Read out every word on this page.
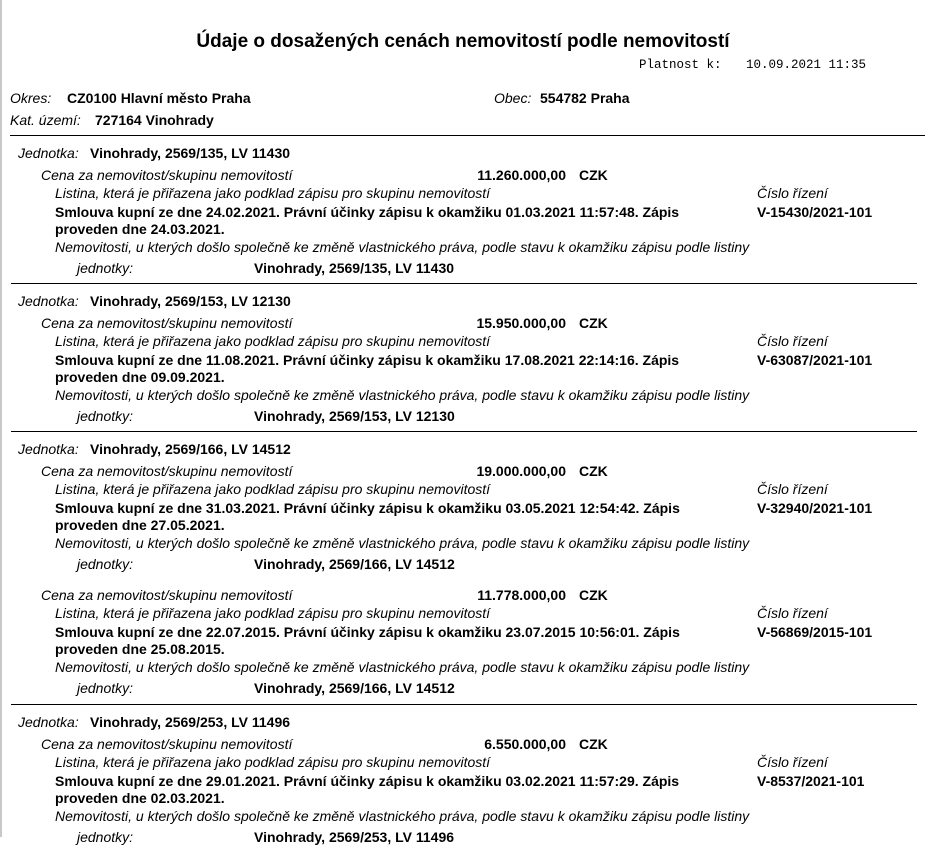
Údaje o dosažených cenách nemovitostí podle nemovitostí
Platnost k: 10.09.2021 11:35
Okres: CZ0100 Hlavní město Praha	Obec: 554782 Praha
Kat. území: 727164 Vinohrady
Jednotka: Vinohrady, 2569/135, LV 11430
Cena za nemovitost/skupinu nemovitostí	11.260.000,00 CZK
Listina, která je přiřazena jako podklad zápisu pro skupinu nemovitostí	Číslo řízení
Smlouva kupní ze dne 24.02.2021. Právní účinky zápisu k okamžiku 01.03.2021 11:57:48. Zápis	V-15430/2021-101
proveden dne 24.03.2021.
Nemovitosti, u kterých došlo společně ke změně vlastnického práva, podle stavu k okamžiku zápisu podle listiny
jednotky:	Vinohrady, 2569/135, LV 11430
Jednotka: Vinohrady, 2569/153, LV 12130
Cena za nemovitost/skupinu nemovitostí	15.950.000,00 CZK
Listina, která je přiřazena jako podklad zápisu pro skupinu nemovitostí	Číslo řízení
Smlouva kupní ze dne 11.08.2021. Právní účinky zápisu k okamžiku 17.08.2021 22:14:16. Zápis	V-63087/2021-101
proveden dne 09.09.2021.
Nemovitosti, u kterých došlo společně ke změně vlastnického práva, podle stavu k okamžiku zápisu podle listiny
jednotky:	Vinohrady, 2569/153, LV 12130
Jednotka: Vinohrady, 2569/166, LV 14512
Cena za nemovitost/skupinu nemovitostí	19.000.000,00 CZK
Listina, která je přiřazena jako podklad zápisu pro skupinu nemovitostí	Číslo řízení
Smlouva kupní ze dne 31.03.2021. Právní účinky zápisu k okamžiku 03.05.2021 12:54:42. Zápis	V-32940/2021-101
proveden dne 27.05.2021.
Nemovitosti, u kterých došlo společně ke změně vlastnického práva, podle stavu k okamžiku zápisu podle listiny
jednotky:	Vinohrady, 2569/166, LV 14512
Cena za nemovitost/skupinu nemovitostí	11.778.000,00 CZK
Listina, která je přiřazena jako podklad zápisu pro skupinu nemovitostí	Číslo řízení
Smlouva kupní ze dne 22.07.2015. Právní účinky zápisu k okamžiku 23.07.2015 10:56:01. Zápis	V-56869/2015-101
proveden dne 25.08.2015.
Nemovitosti, u kterých došlo společně ke změně vlastnického práva, podle stavu k okamžiku zápisu podle listiny
jednotky:	Vinohrady, 2569/166, LV 14512
Jednotka: Vinohrady, 2569/253, LV 11496
Cena za nemovitost/skupinu nemovitostí	6.550.000,00 CZK
Listina, která je přiřazena jako podklad zápisu pro skupinu nemovitostí	Číslo řízení
Smlouva kupní ze dne 29.01.2021. Právní účinky zápisu k okamžiku 03.02.2021 11:57:29. Zápis	V-8537/2021-101
proveden dne 02.03.2021.
Nemovitosti, u kterých došlo společně ke změně vlastnického práva, podle stavu k okamžiku zápisu podle listiny
jednotky:	Vinohrady, 2569/253, LV 11496
